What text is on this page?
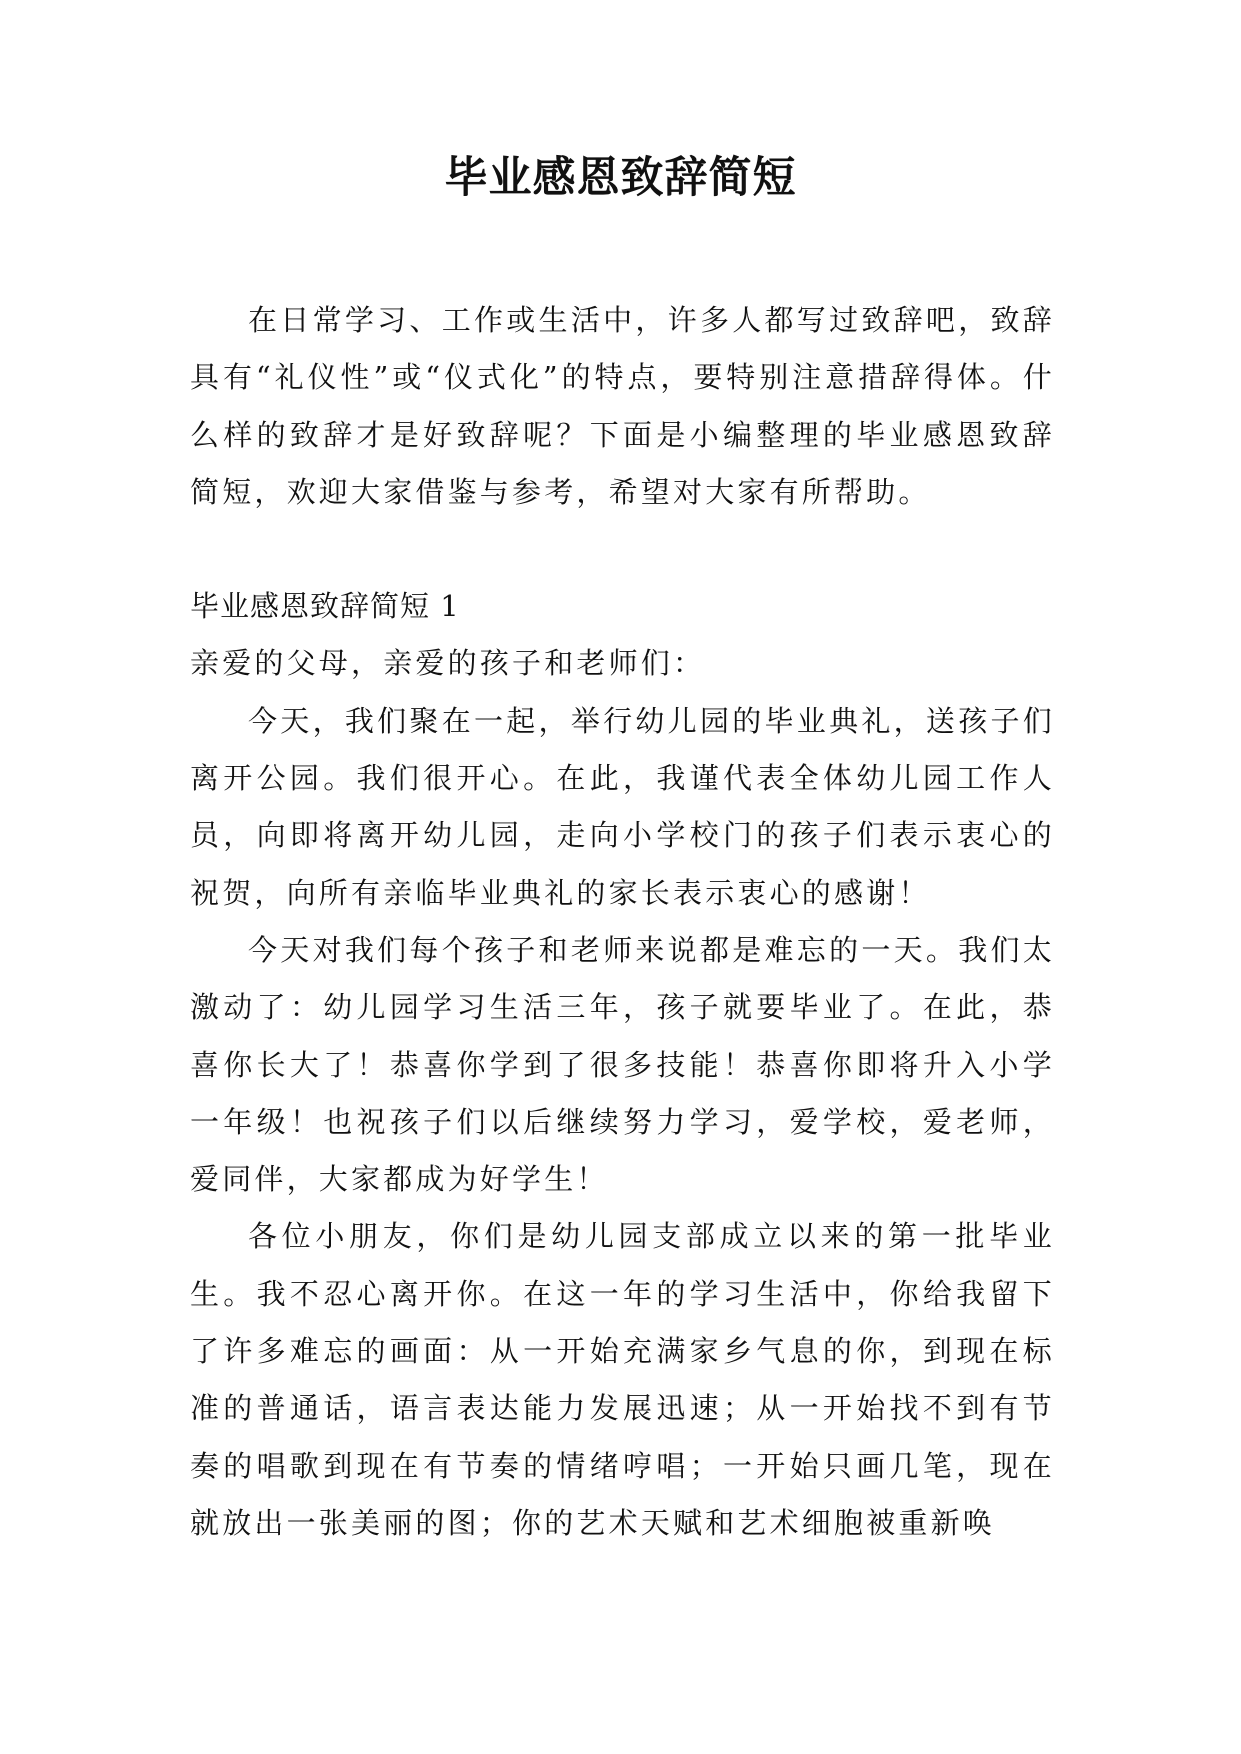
毕业感恩致辞简短

在日常学习、工作或生活中，许多人都写过致辞吧，致辞具有“礼仪性”或“仪式化”的特点，要特别注意措辞得体。什么样的致辞才是好致辞呢？下面是小编整理的毕业感恩致辞简短，欢迎大家借鉴与参考，希望对大家有所帮助。

毕业感恩致辞简短 1

亲爱的父母，亲爱的孩子和老师们：

今天，我们聚在一起，举行幼儿园的毕业典礼，送孩子们离开公园。我们很开心。在此，我谨代表全体幼儿园工作人员，向即将离开幼儿园，走向小学校门的孩子们表示衷心的祝贺，向所有亲临毕业典礼的家长表示衷心的感谢！

今天对我们每个孩子和老师来说都是难忘的一天。我们太激动了：幼儿园学习生活三年，孩子就要毕业了。在此，恭喜你长大了！恭喜你学到了很多技能！恭喜你即将升入小学一年级！也祝孩子们以后继续努力学习，爱学校，爱老师，爱同伴，大家都成为好学生！

各位小朋友，你们是幼儿园支部成立以来的第一批毕业生。我不忍心离开你。在这一年的学习生活中，你给我留下了许多难忘的画面：从一开始充满家乡气息的你，到现在标准的普通话，语言表达能力发展迅速；从一开始找不到有节奏的唱歌到现在有节奏的情绪哼唱；一开始只画几笔，现在就放出一张美丽的图；你的艺术天赋和艺术细胞被重新唤
